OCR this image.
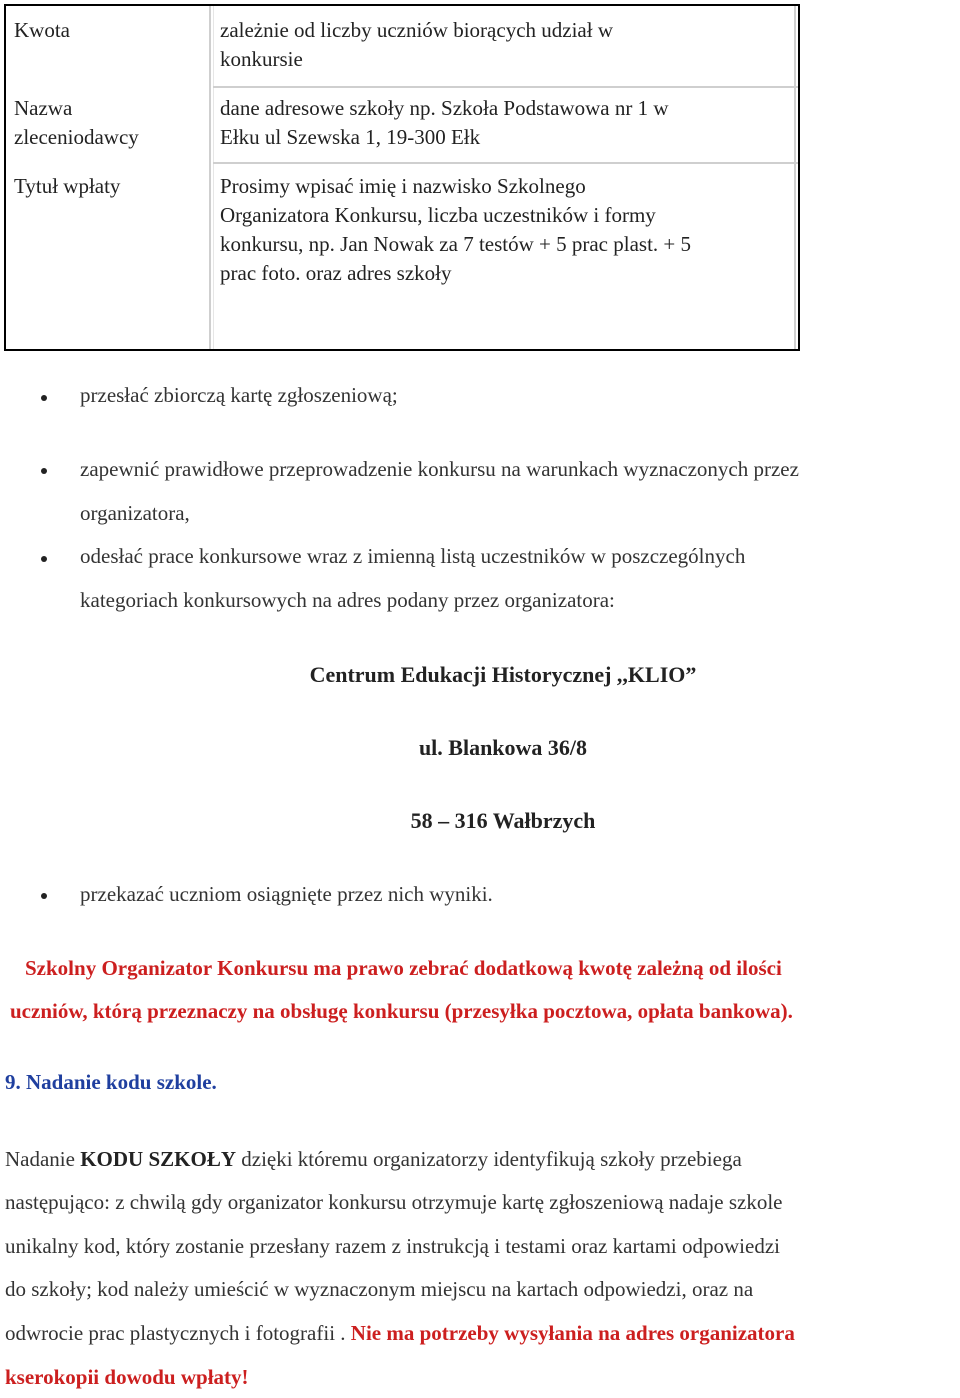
Kwota	zależnie od liczby uczniów biorących udział w
konkursie
Nazwa
zleceniodawcy
dane adresowe szkoły np. Szkoła Podstawowa nr 1 w
Ełku ul Szewska 1, 19-300 Ełk
Tytuł wpłaty	Prosimy wpisać imię i nazwisko Szkolnego
Organizatora Konkursu, liczba uczestników i formy
konkursu, np. Jan Nowak za 7 testów + 5 prac plast. + 5
prac foto. oraz adres szkoły
przesłać zbiorczą kartę zgłoszeniową;
zapewnić prawidłowe przeprowadzenie konkursu na warunkach wyznaczonych przez
organizatora,
odesłać prace konkursowe wraz z imienną listą uczestników w poszczególnych
kategoriach konkursowych na adres podany przez organizatora:
Centrum Edukacji Historycznej ,,KLIO”
ul. Blankowa 36/8
58 – 316 Wałbrzych
przekazać uczniom osiągnięte przez nich wyniki.
Szkolny Organizator Konkursu ma prawo zebrać dodatkową kwotę zależną od ilości
uczniów, którą przeznaczy na obsługę konkursu (przesyłka pocztowa, opłata bankowa).
9. Nadanie kodu szkole.
Nadanie KODU SZKOŁY dzięki któremu organizatorzy identyfikują szkoły przebiega
następująco: z chwilą gdy organizator konkursu otrzymuje kartę zgłoszeniową nadaje szkole
unikalny kod, który zostanie przesłany razem z instrukcją i testami oraz kartami odpowiedzi
do szkoły; kod należy umieścić w wyznaczonym miejscu na kartach odpowiedzi, oraz na
odwrocie prac plastycznych i fotografii . Nie ma potrzeby wysyłania na adres organizatora
kserokopii dowodu wpłaty!
